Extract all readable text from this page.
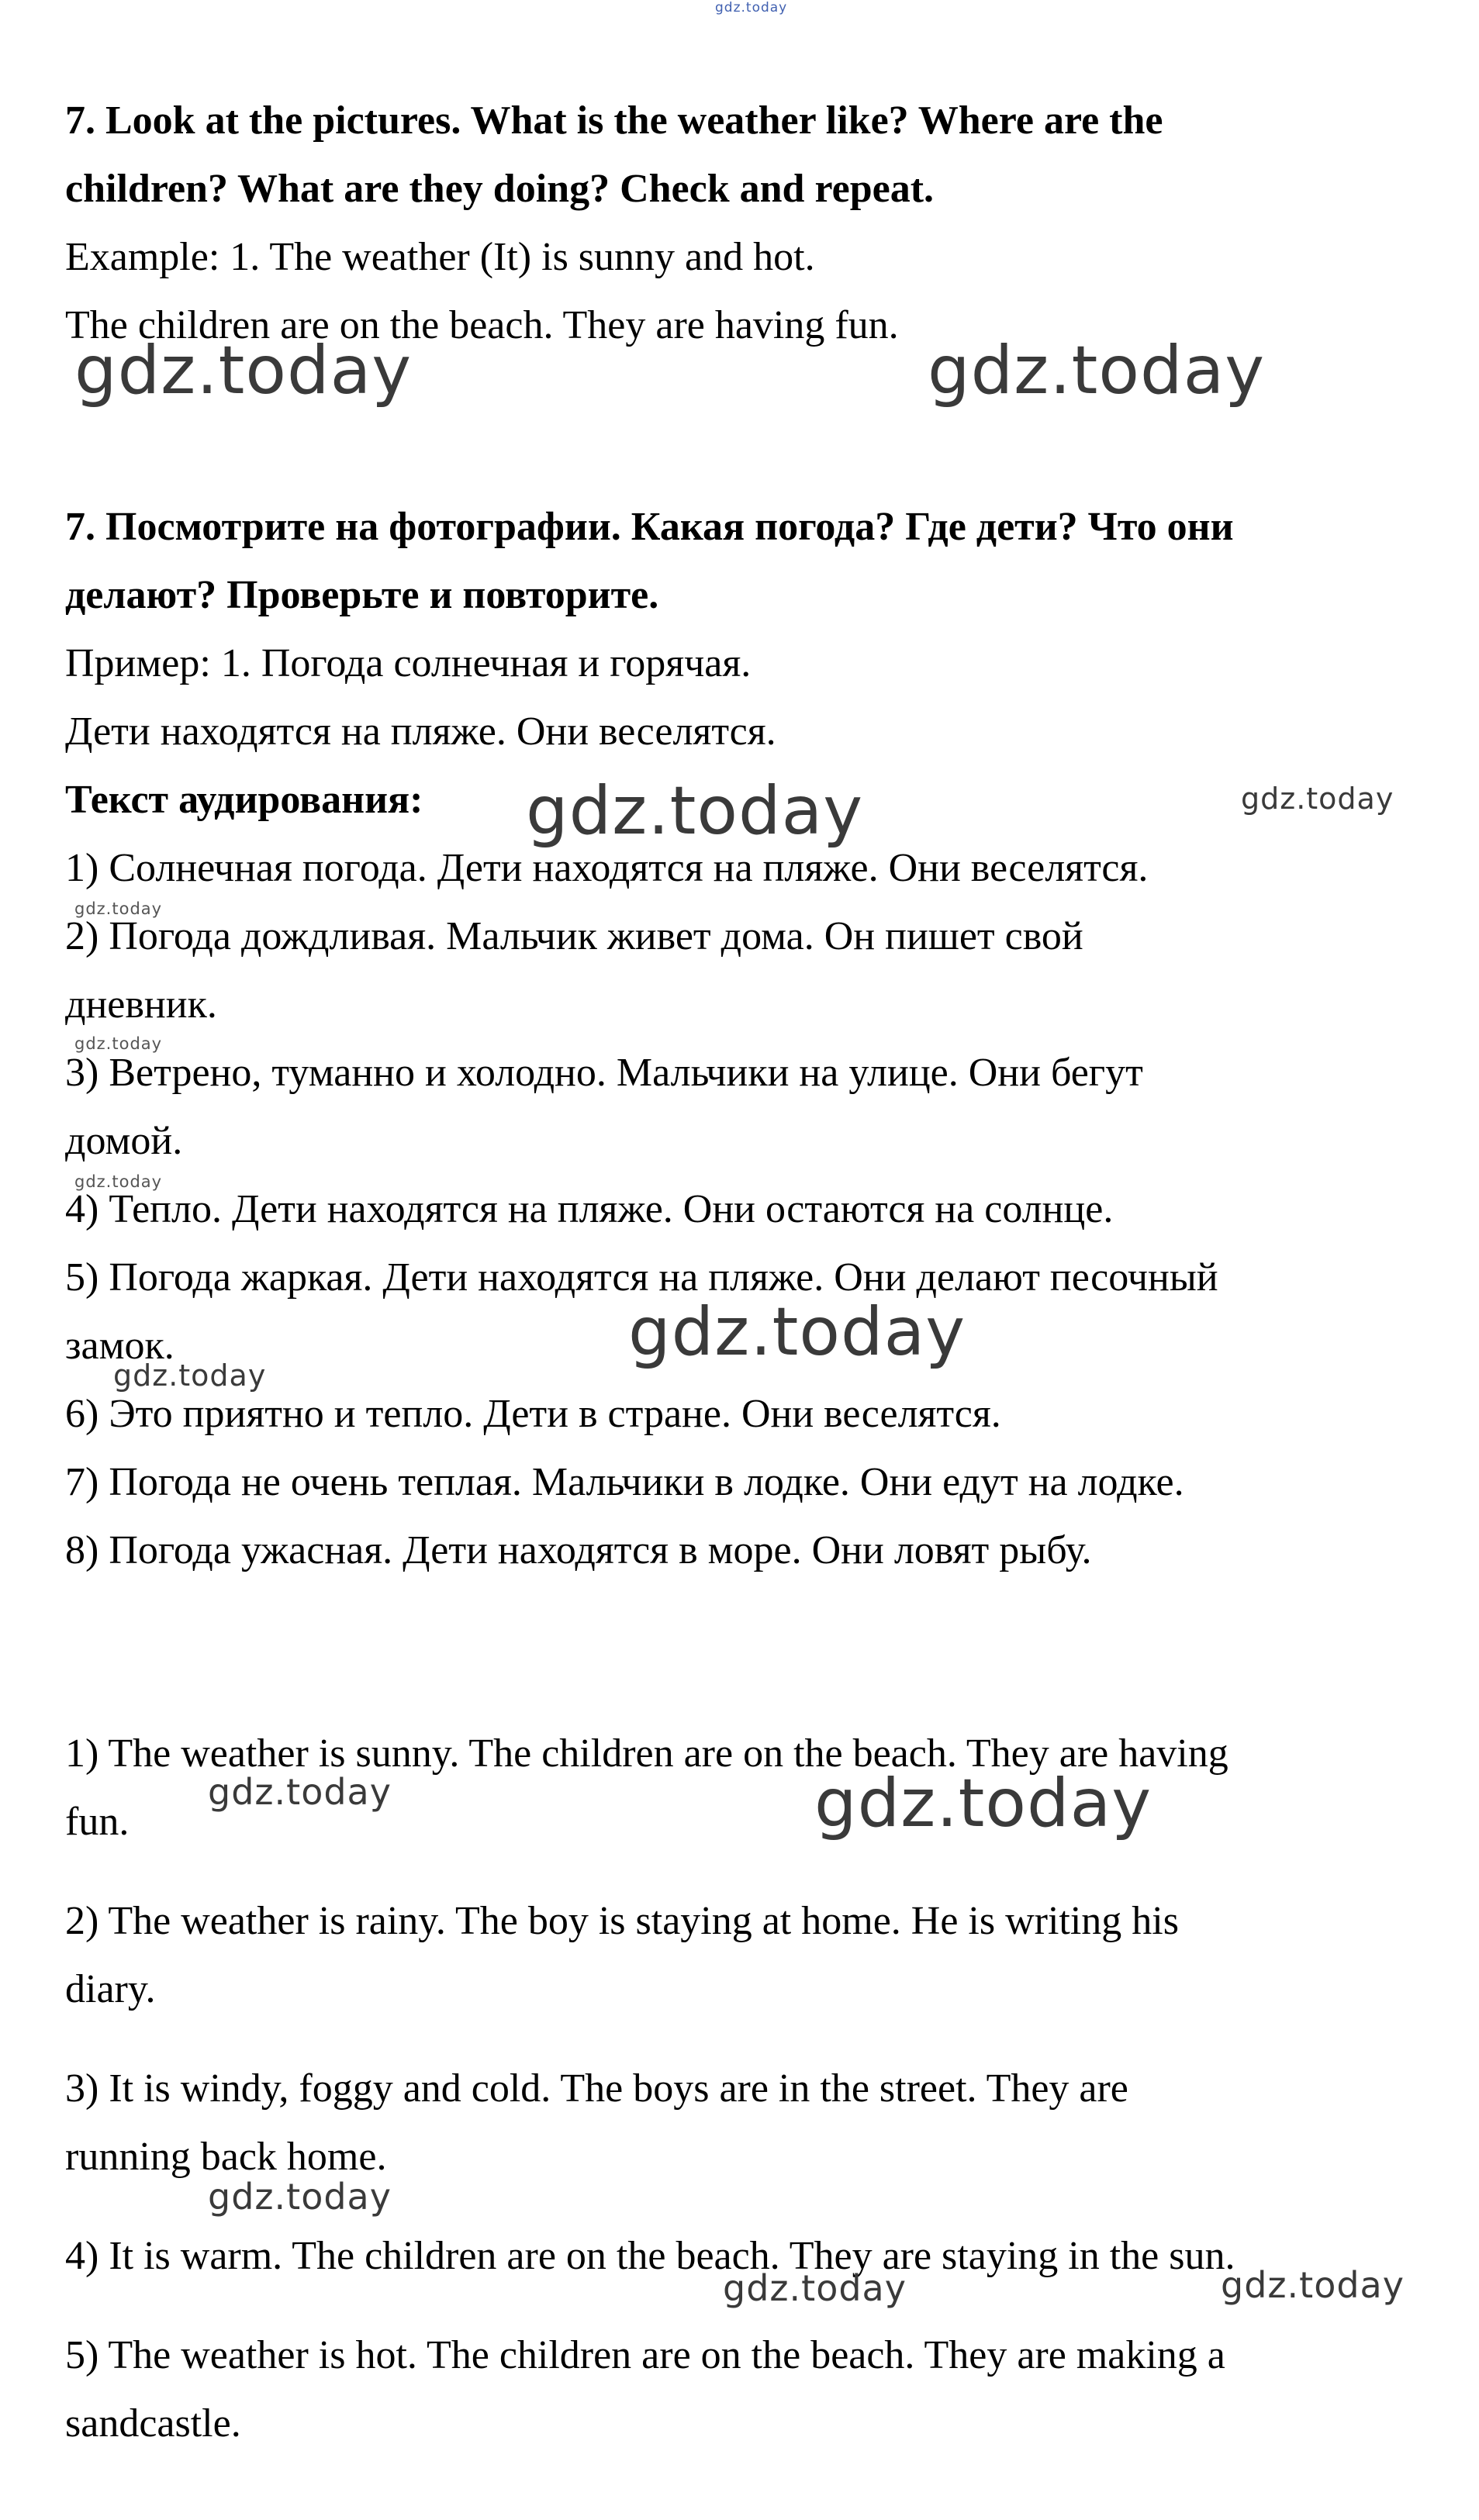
gdz.today
7. Look at the pictures. What is the weather like? Where are the
children? What are they doing? Check and repeat.
Example: 1. The weather (It) is sunny and hot.
The children are on the beach. They are having fun.
gdz.today	gdz.today
7. Посмотрите на фотографии. Какая погода? Где дети? Что они
делают? Проверьте и повторите.
Пример: 1. Погода солнечная и горячая.
Дети находятся на пляже. Они веселятся.
Текст аудирования: gdz.today	gdz.today
1) Солнечная погода. Дети находятся на пляже. Они веселятся.
gdz.today
2) Погода дождливая. Мальчик живет дома. Он пишет свой
дневник.
gdz.today
3) Ветрено, туманно и холодно. Мальчики на улице. Они бегут
домой.
gdz.today
4) Тепло. Дети находятся на пляже. Они остаются на солнце.
5) Погода жаркая. Дети находятся на пляже. Они делают песочный
замок.	gdz.today
gdz.today
6) Это приятно и тепло. Дети в стране. Они веселятся.
7) Погода не очень теплая. Мальчики в лодке. Они едут на лодке.
8) Погода ужасная. Дети находятся в море. Они ловят рыбу.
1) The weather is sunny. The children are on the beach. They are having
gdz.today	gdz.today
fun.
2) The weather is rainy. The boy is staying at home. He is writing his
diary.
3) It is windy, foggy and cold. The boys are in the street. They are
running back home.
gdz.today
4) It is warm. The children are on the beach. They are staying in the sun.
gdz.today	gdz.today
5) The weather is hot. The children are on the beach. They are making a
sandcastle.
